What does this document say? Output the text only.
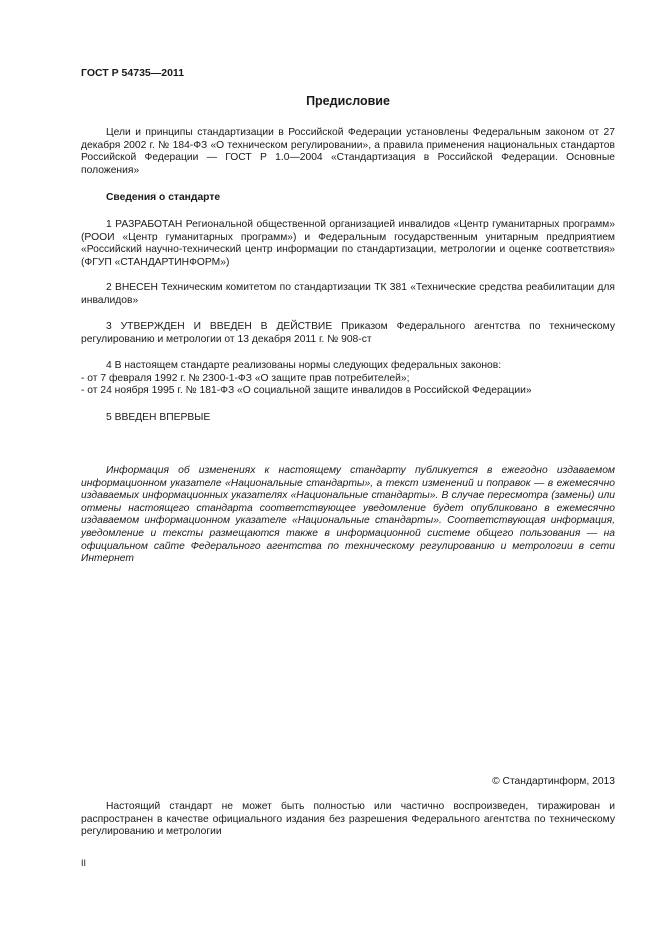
ГОСТ Р 54735—2011
Предисловие

Цели и принципы стандартизации в Российской Федерации установлены Федеральным законом от 27 декабря 2002 г. № 184-ФЗ «О техническом регулировании», а правила применения национальных стандартов Российской Федерации — ГОСТ Р 1.0—2004 «Стандартизация в Российской Федерации. Основные положения»

Сведения о стандарте

1 РАЗРАБОТАН Региональной общественной организацией инвалидов «Центр гуманитарных программ» (РООИ «Центр гуманитарных программ») и Федеральным государственным унитарным предприятием «Российский научно-технический центр информации по стандартизации, метрологии и оценке соответствия» (ФГУП «СТАНДАРТИНФОРМ»)

2 ВНЕСЕН Техническим комитетом по стандартизации ТК 381 «Технические средства реабилитации для инвалидов»

3 УТВЕРЖДЕН И ВВЕДЕН В ДЕЙСТВИЕ Приказом Федерального агентства по техническому регулированию и метрологии от 13 декабря 2011 г. № 908-ст

4 В настоящем стандарте реализованы нормы следующих федеральных законов:

- от 7 февраля 1992 г. № 2300-1-ФЗ «О защите прав потребителей»;

- от 24 ноября 1995 г. № 181-ФЗ «О социальной защите инвалидов в Российской Федерации»

5 ВВЕДЕН ВПЕРВЫЕ

Информация об изменениях к настоящему стандарту публикуется в ежегодно издаваемом информационном указателе «Национальные стандарты», а текст изменений и поправок — в ежемесячно издаваемых информационных указателях «Национальные стандарты». В случае пересмотра (замены) или отмены настоящего стандарта соответствующее уведомление будет опубликовано в ежемесячно издаваемом информационном указателе «Национальные стандарты». Соответствующая информация, уведомление и тексты размещаются также в информационной системе общего пользования — на официальном сайте Федерального агентства по техническому регулированию и метрологии в сети Интернет

© Стандартинформ, 2013

Настоящий стандарт не может быть полностью или частично воспроизведен, тиражирован и распространен в качестве официального издания без разрешения Федерального агентства по техническому регулированию и метрологии

II
